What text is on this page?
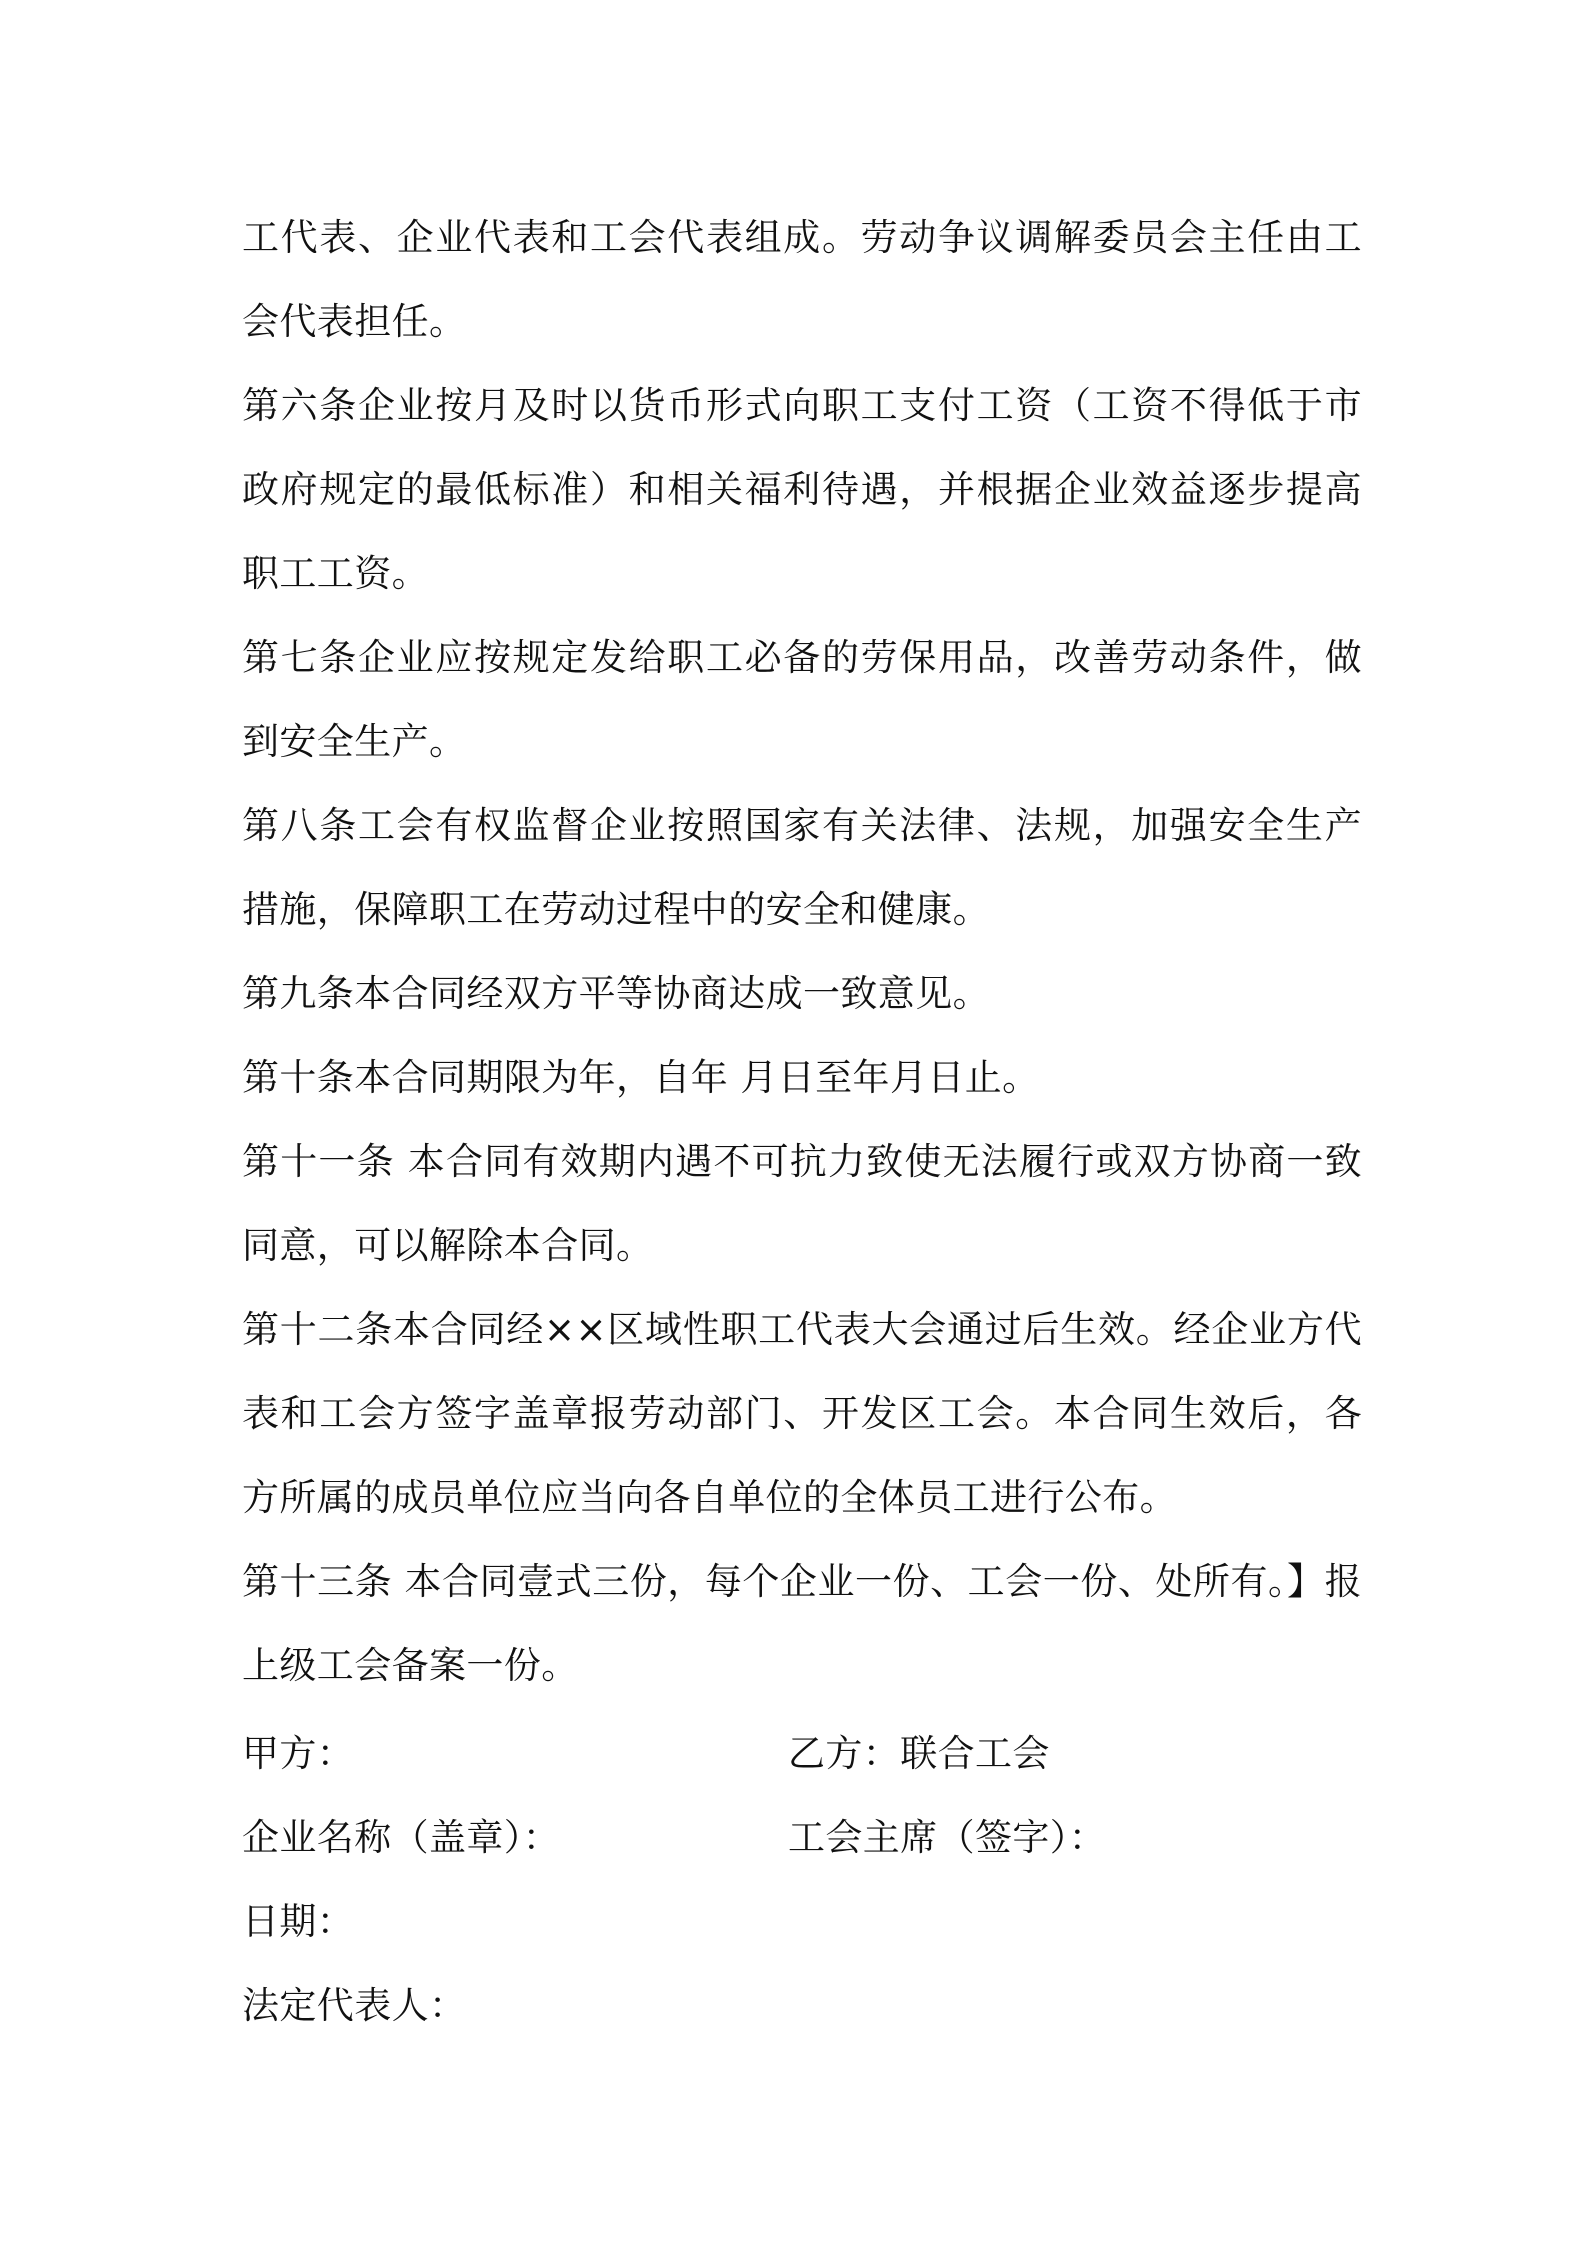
工代表、企业代表和工会代表组成。劳动争议调解委员会主任由工会代表担任。

第六条企业按月及时以货币形式向职工支付工资（工资不得低于市政府规定的最低标准）和相关福利待遇，并根据企业效益逐步提高职工工资。

第七条企业应按规定发给职工必备的劳保用品，改善劳动条件，做到安全生产。

第八条工会有权监督企业按照国家有关法律、法规，加强安全生产措施，保障职工在劳动过程中的安全和健康。

第九条本合同经双方平等协商达成一致意见。

第十条本合同期限为年，自年 月日至年月日止。

第十一条 本合同有效期内遇不可抗力致使无法履行或双方协商一致同意，可以解除本合同。

第十二条本合同经××区域性职工代表大会通过后生效。经企业方代表和工会方签字盖章报劳动部门、开发区工会。本合同生效后，各方所属的成员单位应当向各自单位的全体员工进行公布。

第十三条 本合同壹式三份，每个企业一份、工会一份、处所有。】报上级工会备案一份。

甲方：	乙方：联合工会
企业名称（盖章）：	工会主席（签字）：
日期：
法定代表人：
